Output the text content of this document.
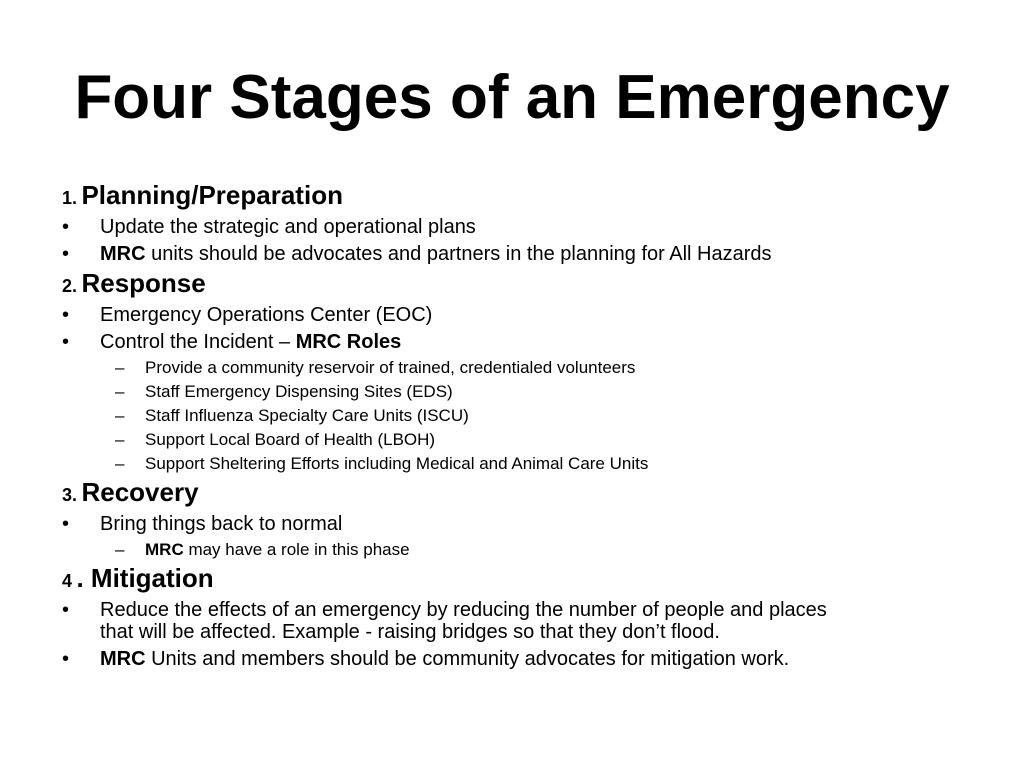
Four Stages of an Emergency
1. Planning/Preparation
• Update the strategic and operational plans
• MRC units should be advocates and partners in the planning for All Hazards
2. Response
• Emergency Operations Center (EOC)
• Control the Incident – MRC Roles
– Provide a community reservoir of trained, credentialed volunteers
– Staff Emergency Dispensing Sites (EDS)
– Staff Influenza Specialty Care Units (ISCU)
– Support Local Board of Health (LBOH)
– Support Sheltering Efforts including Medical and Animal Care Units
3. Recovery
• Bring things back to normal
– MRC may have a role in this phase
4 . Mitigation
• Reduce the effects of an emergency by reducing the number of people and places
that will be affected. Example - raising bridges so that they don’t flood.
• MRC Units and members should be community advocates for mitigation work.
